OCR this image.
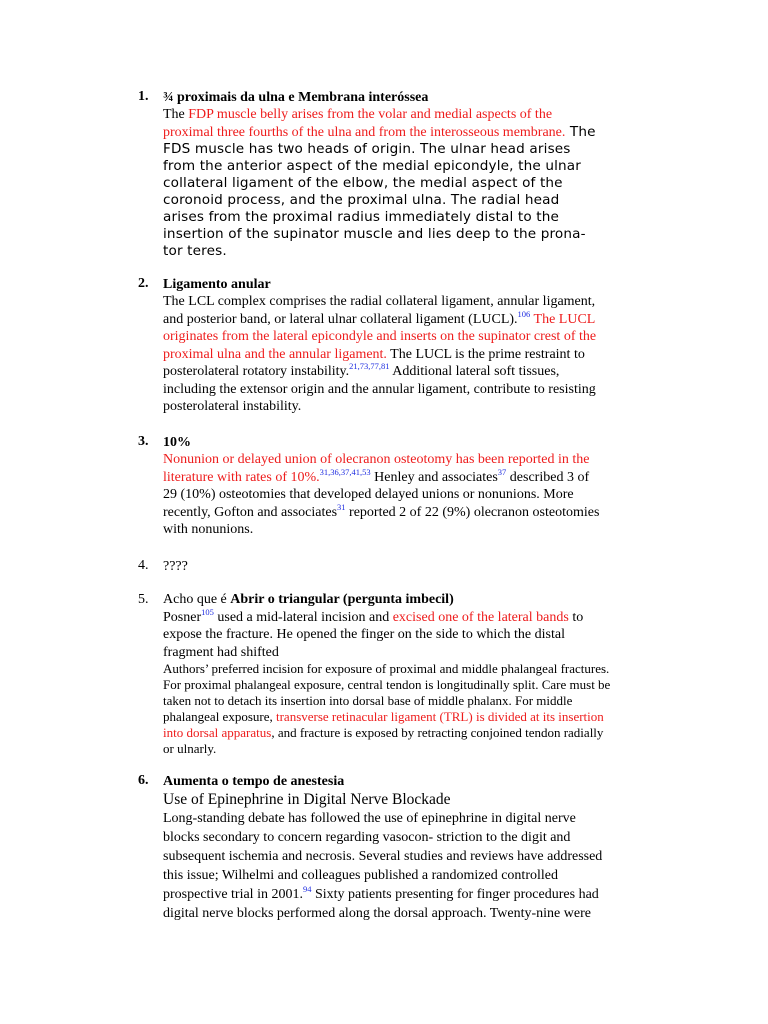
1. ¾ proximais da ulna e Membrana interóssea
The FDP muscle belly arises from the volar and medial aspects of the
proximal three fourths of the ulna and from the interosseous membrane. The
FDS muscle has two heads of origin. The ulnar head arises
from the anterior aspect of the medial epicondyle, the ulnar
collateral ligament of the elbow, the medial aspect of the
coronoid process, and the proximal ulna. The radial head
arises from the proximal radius immediately distal to the
insertion of the supinator muscle and lies deep to the prona-
tor teres.
2. Ligamento anular
The LCL complex comprises the radial collateral ligament, annular ligament,
and posterior band, or lateral ulnar collateral ligament (LUCL).$^{106}$ The LUCL
originates from the lateral epicondyle and inserts on the supinator crest of the
proximal ulna and the annular ligament. The LUCL is the prime restraint to
posterolateral rotatory instability.$^{21,73,77,81}$ Additional lateral soft tissues,
including the extensor origin and the annular ligament, contribute to resisting
posterolateral instability.
3. 10%
Nonunion or delayed union of olecranon osteotomy has been reported in the
literature with rates of 10%.$^{31,36,37,41,53}$ Henley and associates$^{37}$ described 3 of
29 (10%) osteotomies that developed delayed unions or nonunions. More
recently, Gofton and associates$^{31}$ reported 2 of 22 (9%) olecranon osteotomies
with nonunions.
4. ????
5. Acho que é Abrir o triangular (pergunta imbecil)
Posner$^{105}$ used a mid-lateral incision and excised one of the lateral bands to
expose the fracture. He opened the finger on the side to which the distal
fragment had shifted
Authors’ preferred incision for exposure of proximal and middle phalangeal fractures.
For proximal phalangeal exposure, central tendon is longitudinally split. Care must be
taken not to detach its insertion into dorsal base of middle phalanx. For middle
phalangeal exposure, transverse retinacular ligament (TRL) is divided at its insertion
into dorsal apparatus, and fracture is exposed by retracting conjoined tendon radially
or ulnarly.
6. Aumenta o tempo de anestesia
Use of Epinephrine in Digital Nerve Blockade
Long-standing debate has followed the use of epinephrine in digital nerve
blocks secondary to concern regarding vasocon- striction to the digit and
subsequent ischemia and necrosis. Several studies and reviews have addressed
this issue; Wilhelmi and colleagues published a randomized controlled
prospective trial in 2001.94 Sixty patients presenting for finger procedures had
digital nerve blocks performed along the dorsal approach. Twenty-nine were
